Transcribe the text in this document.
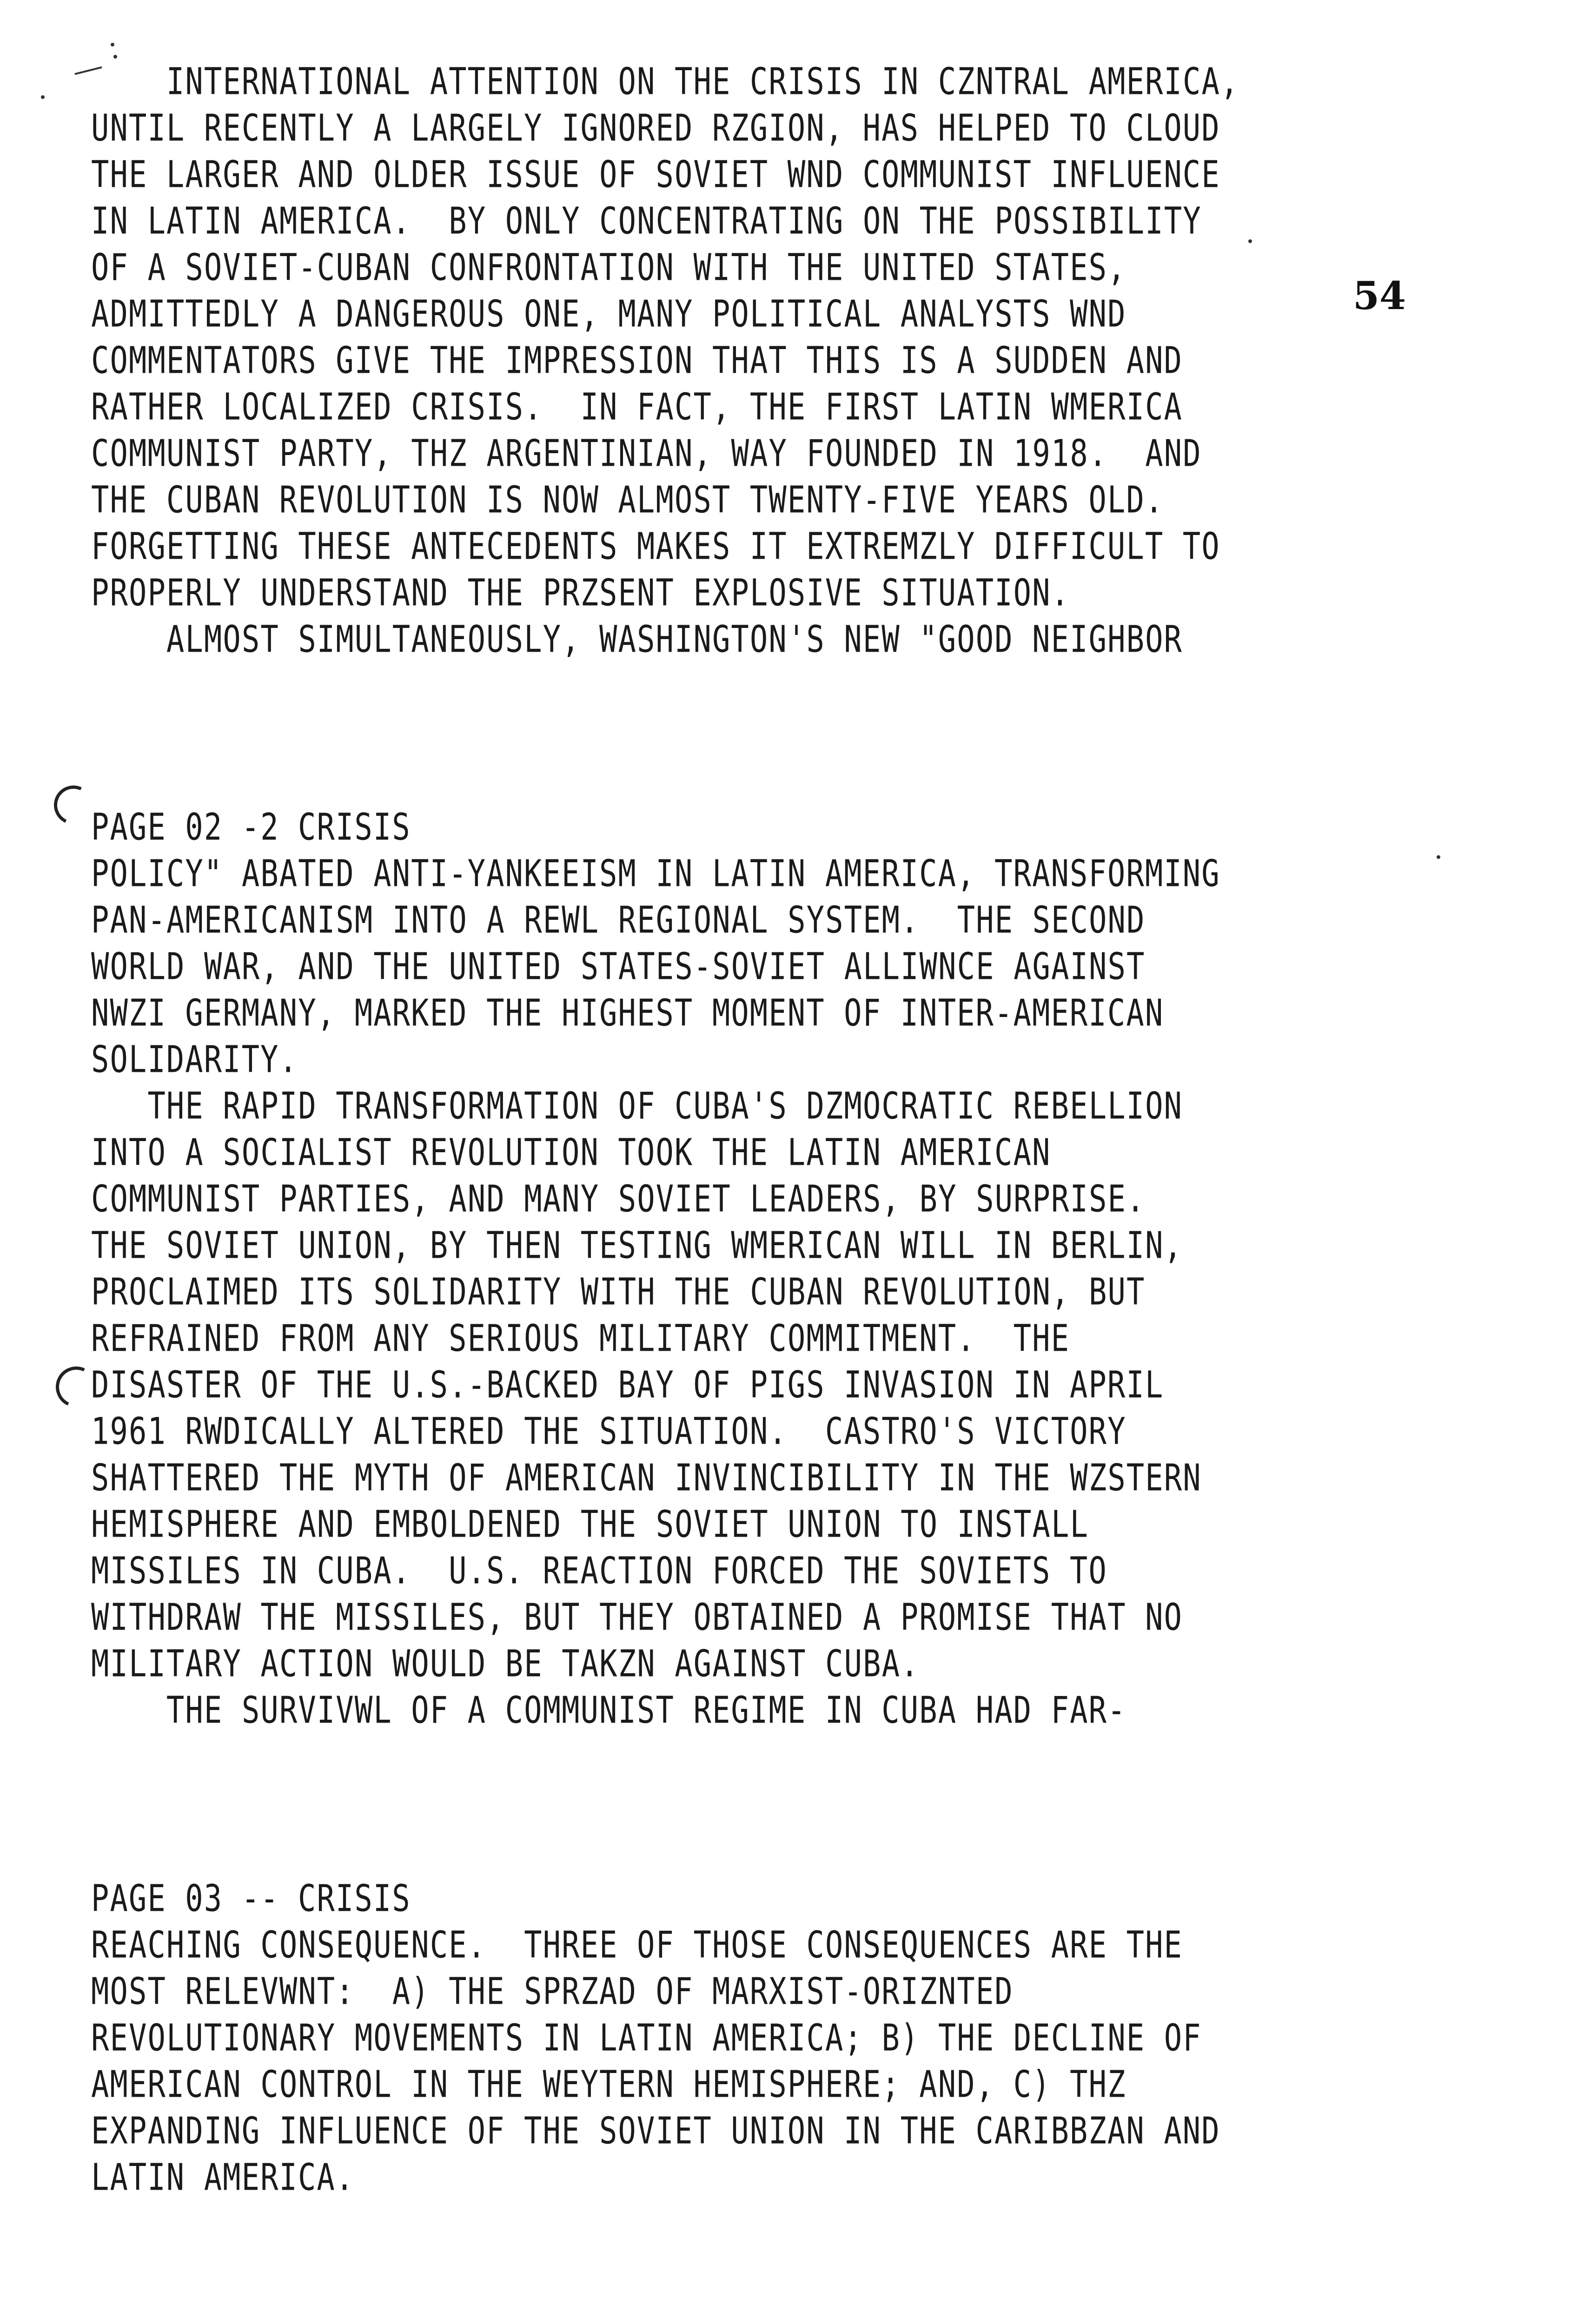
54
INTERNATIONAL ATTENTION ON THE CRISIS IN CZNTRAL AMERICA,
UNTIL RECENTLY A LARGELY IGNORED RZGION, HAS HELPED TO CLOUD
THE LARGER AND OLDER ISSUE OF SOVIET WND COMMUNIST INFLUENCE
IN LATIN AMERICA.  BY ONLY CONCENTRATING ON THE POSSIBILITY
OF A SOVIET-CUBAN CONFRONTATION WITH THE UNITED STATES,
ADMITTEDLY A DANGEROUS ONE, MANY POLITICAL ANALYSTS WND
COMMENTATORS GIVE THE IMPRESSION THAT THIS IS A SUDDEN AND
RATHER LOCALIZED CRISIS.  IN FACT, THE FIRST LATIN WMERICA
COMMUNIST PARTY, THZ ARGENTINIAN, WAY FOUNDED IN 1918.  AND
THE CUBAN REVOLUTION IS NOW ALMOST TWENTY-FIVE YEARS OLD.
FORGETTING THESE ANTECEDENTS MAKES IT EXTREMZLY DIFFICULT TO
PROPERLY UNDERSTAND THE PRZSENT EXPLOSIVE SITUATION.
ALMOST SIMULTANEOUSLY, WASHINGTON'S NEW "GOOD NEIGHBOR
PAGE 02 -2 CRISIS
POLICY" ABATED ANTI-YANKEEISM IN LATIN AMERICA, TRANSFORMING
PAN-AMERICANISM INTO A REWL REGIONAL SYSTEM.  THE SECOND
WORLD WAR, AND THE UNITED STATES-SOVIET ALLIWNCE AGAINST
NWZI GERMANY, MARKED THE HIGHEST MOMENT OF INTER-AMERICAN
SOLIDARITY.
THE RAPID TRANSFORMATION OF CUBA'S DZMOCRATIC REBELLION
INTO A SOCIALIST REVOLUTION TOOK THE LATIN AMERICAN
COMMUNIST PARTIES, AND MANY SOVIET LEADERS, BY SURPRISE.
THE SOVIET UNION, BY THEN TESTING WMERICAN WILL IN BERLIN,
PROCLAIMED ITS SOLIDARITY WITH THE CUBAN REVOLUTION, BUT
REFRAINED FROM ANY SERIOUS MILITARY COMMITMENT.  THE
DISASTER OF THE U.S.-BACKED BAY OF PIGS INVASION IN APRIL
1961 RWDICALLY ALTERED THE SITUATION.  CASTRO'S VICTORY
SHATTERED THE MYTH OF AMERICAN INVINCIBILITY IN THE WZSTERN
HEMISPHERE AND EMBOLDENED THE SOVIET UNION TO INSTALL
MISSILES IN CUBA.  U.S. REACTION FORCED THE SOVIETS TO
WITHDRAW THE MISSILES, BUT THEY OBTAINED A PROMISE THAT NO
MILITARY ACTION WOULD BE TAKZN AGAINST CUBA.
THE SURVIVWL OF A COMMUNIST REGIME IN CUBA HAD FAR-
PAGE 03 -- CRISIS
REACHING CONSEQUENCE.  THREE OF THOSE CONSEQUENCES ARE THE
MOST RELEVWNT:  A) THE SPRZAD OF MARXIST-ORIZNTED
REVOLUTIONARY MOVEMENTS IN LATIN AMERICA; B) THE DECLINE OF
AMERICAN CONTROL IN THE WEYTERN HEMISPHERE; AND, C) THZ
EXPANDING INFLUENCE OF THE SOVIET UNION IN THE CARIBBZAN AND
LATIN AMERICA.
